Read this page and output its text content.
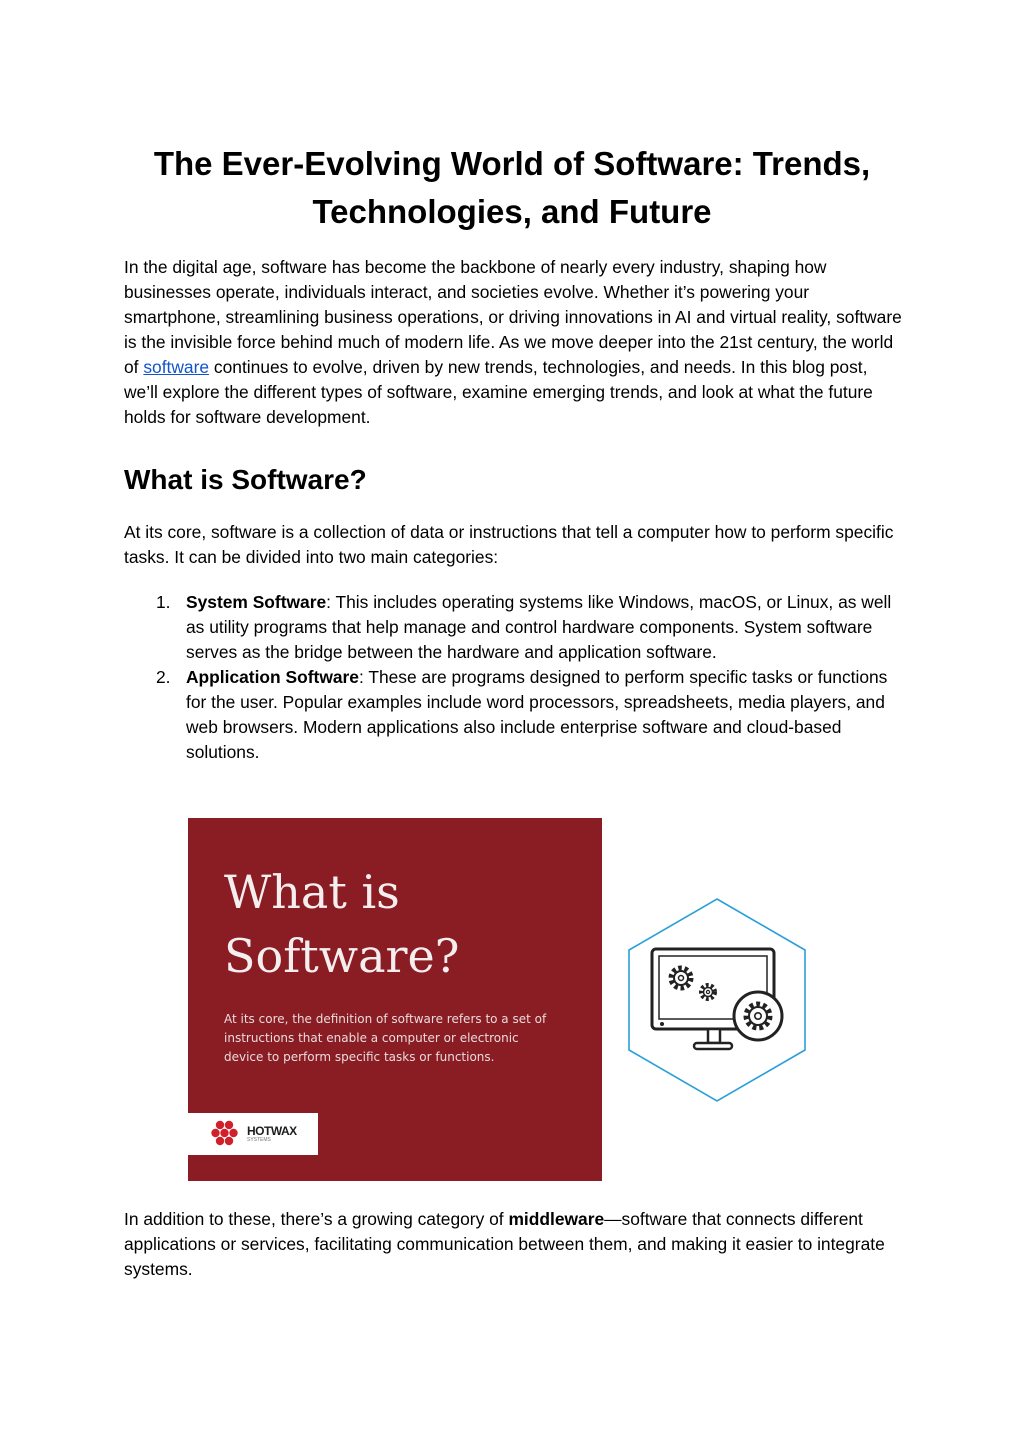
The Ever-Evolving World of Software: Trends, Technologies, and Future

In the digital age, software has become the backbone of nearly every industry, shaping how businesses operate, individuals interact, and societies evolve. Whether it’s powering your smartphone, streamlining business operations, or driving innovations in AI and virtual reality, software is the invisible force behind much of modern life. As we move deeper into the 21st century, the world of software continues to evolve, driven by new trends, technologies, and needs. In this blog post, we’ll explore the different types of software, examine emerging trends, and look at what the future holds for software development.

What is Software?

At its core, software is a collection of data or instructions that tell a computer how to perform specific tasks. It can be divided into two main categories:

1. System Software: This includes operating systems like Windows, macOS, or Linux, as well as utility programs that help manage and control hardware components. System software serves as the bridge between the hardware and application software.
2. Application Software: These are programs designed to perform specific tasks or functions for the user. Popular examples include word processors, spreadsheets, media players, and web browsers. Modern applications also include enterprise software and cloud-based solutions.
What is
Software?
At its core, the definition of software refers to a set of instructions that enable a computer or electronic device to perform specific tasks or functions.
HOTWAX
SYSTEMS

In addition to these, there’s a growing category of middleware—software that connects different applications or services, facilitating communication between them, and making it easier to integrate systems.
